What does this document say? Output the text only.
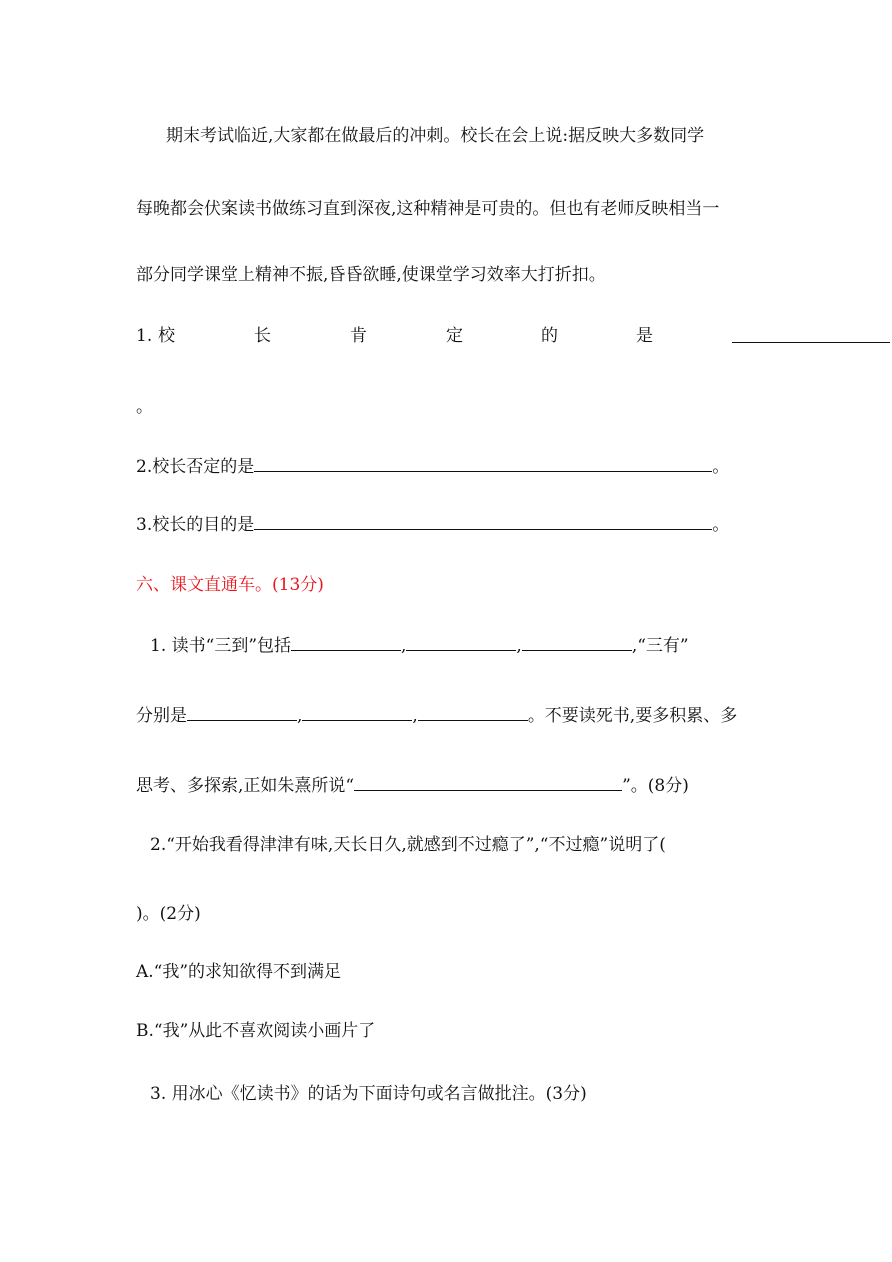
期末考试临近,大家都在做最后的冲刺。校长在会上说:据反映大多数同学
每晚都会伏案读书做练习直到深夜,这种精神是可贵的。但也有老师反映相当一
部分同学课堂上精神不振,昏昏欲睡,使课堂学习效率大打折扣。
1. 校	长	肯	定	的	是
。
2.校长否定的是	。
3.校长的目的是	。
六、课文直通车。(13分)
1. 读书“三到”包括	,	,	,“三有”
分别是	,	,	。不要读死书,要多积累、多
思考、多探索,正如朱熹所说“	”。(8分)
2.“开始我看得津津有味,天长日久,就感到不过瘾了”,“不过瘾”说明了(
)。(2分)
A.“我”的求知欲得不到满足
B.“我”从此不喜欢阅读小画片了
3. 用冰心《忆读书》的话为下面诗句或名言做批注。(3分)
